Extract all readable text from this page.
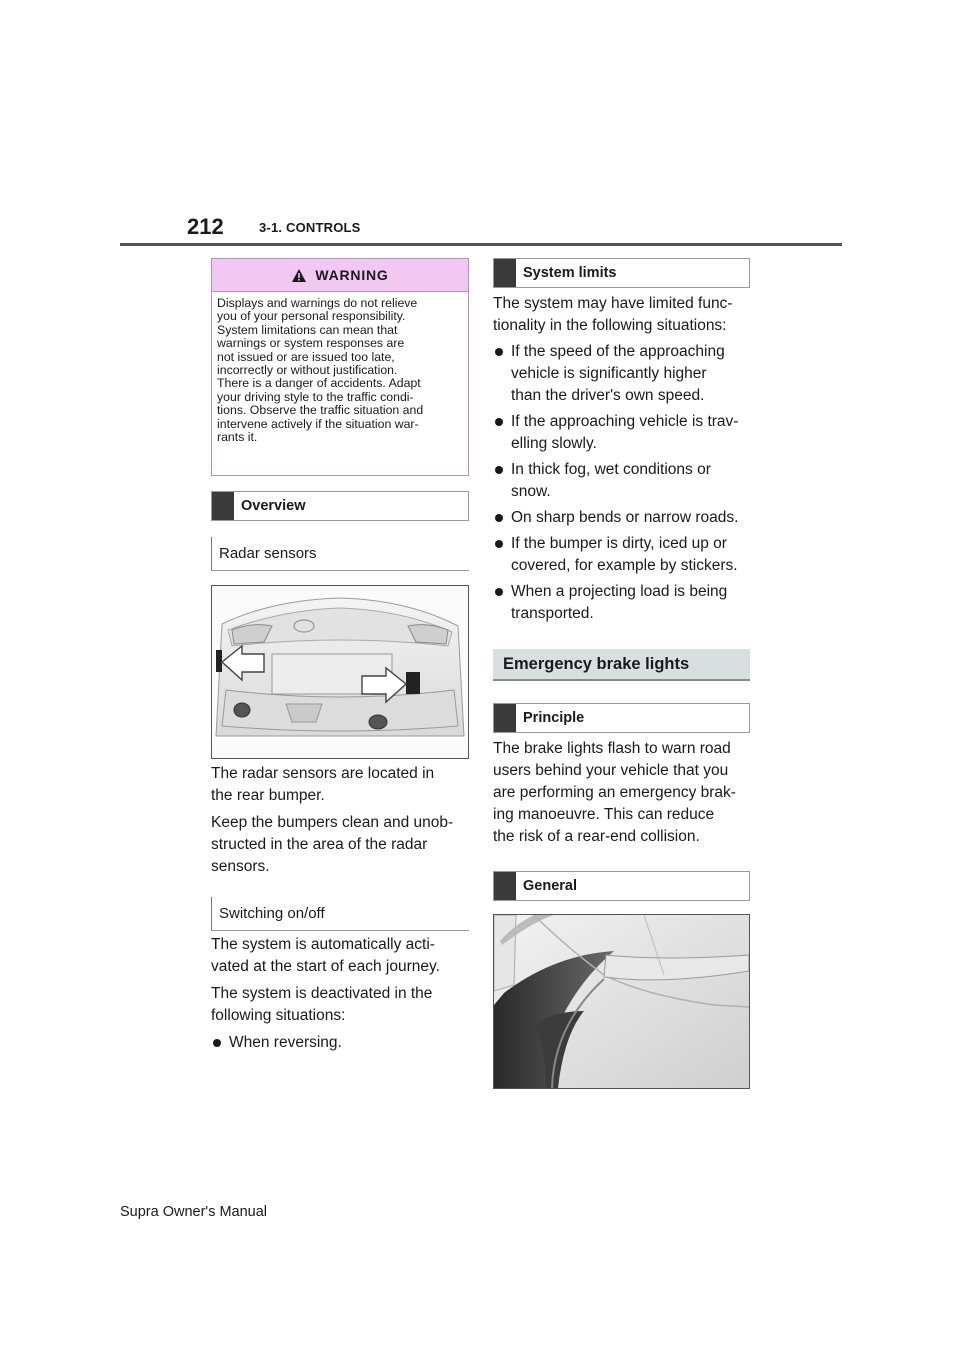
212	3-1. CONTROLS
WARNING

Displays and warnings do not relieve

you of your personal responsibility.

System limitations can mean that

warnings or system responses are

not issued or are issued too late,

incorrectly or without justification.

There is a danger of accidents. Adapt

your driving style to the traffic condi-

tions. Observe the traffic situation and

intervene actively if the situation war-

rants it.

Overview
Radar sensors

The radar sensors are located in

the rear bumper.

Keep the bumpers clean and unob-

structed in the area of the radar

sensors.

Switching on/off

The system is automatically acti-

vated at the start of each journey.

The system is deactivated in the

following situations:

When reversing.

System limits

The system may have limited func-

tionality in the following situations:

If the speed of the approaching
vehicle is significantly higher
than the driver's own speed.
If the approaching vehicle is trav-
elling slowly.
In thick fog, wet conditions or
snow.
On sharp bends or narrow roads.
If the bumper is dirty, iced up or
covered, for example by stickers.
When a projecting load is being
transported.
Emergency brake lights
Principle

The brake lights flash to warn road

users behind your vehicle that you

are performing an emergency brak-

ing manoeuvre. This can reduce

the risk of a rear-end collision.

General
Supra Owner's Manual
